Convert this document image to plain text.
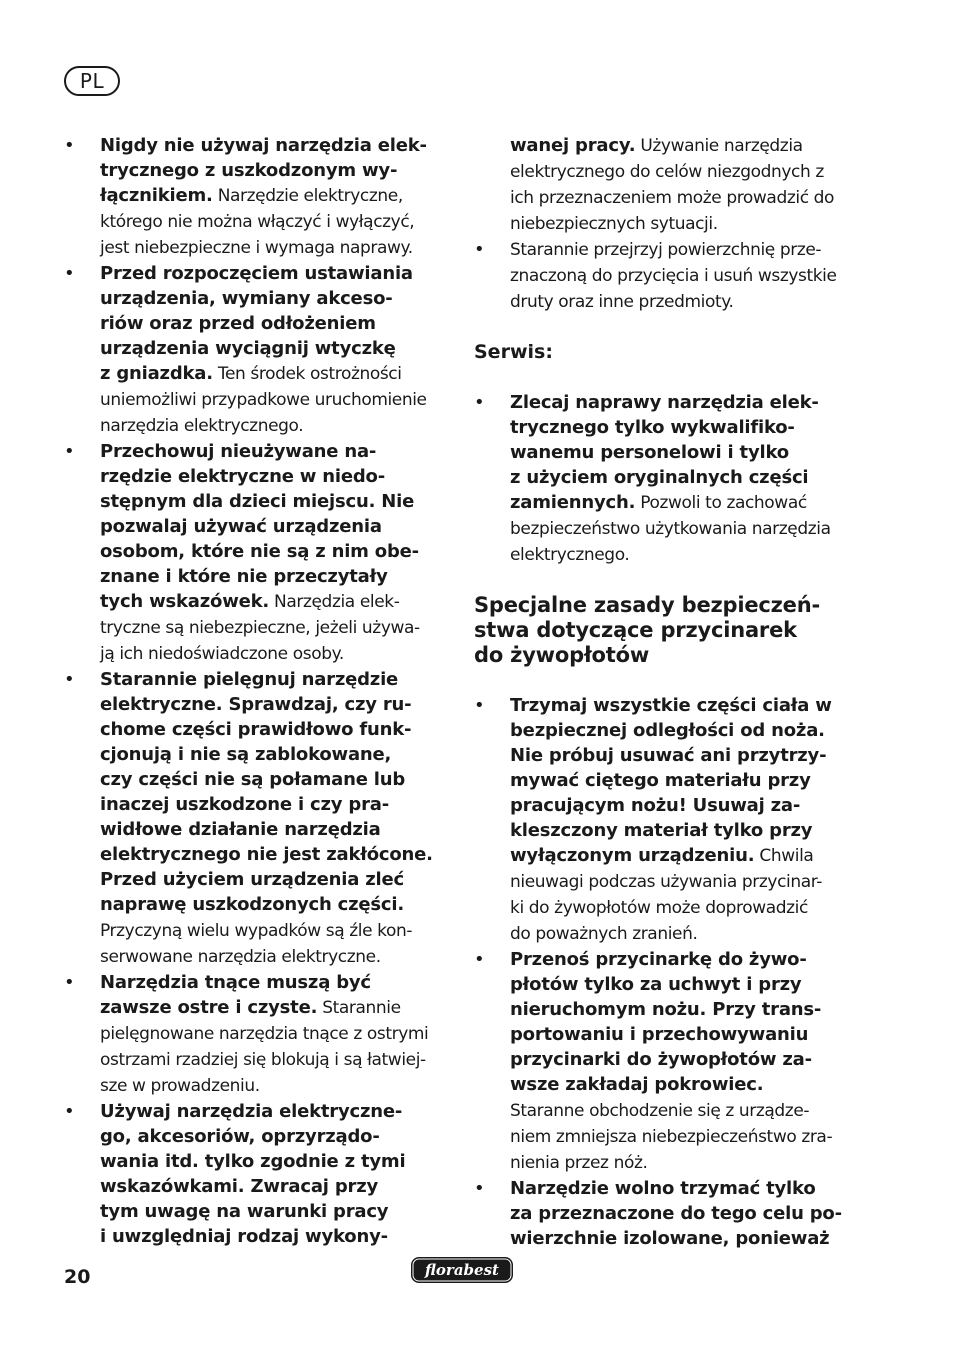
PL
• Nigdy nie używaj narzędzia elek-
trycznego z uszkodzonym wy-
łącznikiem. Narzędzie elektryczne,
którego nie można włączyć i wyłączyć,
jest niebezpieczne i wymaga naprawy.
• Przed rozpoczęciem ustawiania
urządzenia, wymiany akceso-
riów oraz przed odłożeniem
urządzenia wyciągnij wtyczkę
z gniazdka. Ten środek ostrożności
uniemożliwi przypadkowe uruchomienie
narzędzia elektrycznego.
• Przechowuj nieużywane na-
rzędzie elektryczne w niedo-
stępnym dla dzieci miejscu. Nie
pozwalaj używać urządzenia
osobom, które nie są z nim obe-
znane i które nie przeczytały
tych wskazówek. Narzędzia elek-
tryczne są niebezpieczne, jeżeli używa-
ją ich niedoświadczone osoby.
• Starannie pielęgnuj narzędzie
elektryczne. Sprawdzaj, czy ru-
chome części prawidłowo funk-
cjonują i nie są zablokowane,
czy części nie są połamane lub
inaczej uszkodzone i czy pra-
widłowe działanie narzędzia
elektrycznego nie jest zakłócone.
Przed użyciem urządzenia zleć
naprawę uszkodzonych części.
Przyczyną wielu wypadków są źle kon-
serwowane narzędzia elektryczne.
• Narzędzia tnące muszą być
zawsze ostre i czyste. Starannie
pielęgnowane narzędzia tnące z ostrymi
ostrzami rzadziej się blokują i są łatwiej-
sze w prowadzeniu.
• Używaj narzędzia elektryczne-
go, akcesoriów, oprzyrządo-
wania itd. tylko zgodnie z tymi
wskazówkami. Zwracaj przy
tym uwagę na warunki pracy
i uwzględniaj rodzaj wykony-

wanej pracy. Używanie narzędzia
elektrycznego do celów niezgodnych z
ich przeznaczeniem może prowadzić do
niebezpiecznych sytuacji.

• Starannie przejrzyj powierzchnię prze-
znaczoną do przycięcia i usuń wszystkie
druty oraz inne przedmioty.

Serwis:

• Zlecaj naprawy narzędzia elek-
trycznego tylko wykwalifiko-
wanemu personelowi i tylko
z użyciem oryginalnych części
zamiennych. Pozwoli to zachować
bezpieczeństwo użytkowania narzędzia
elektrycznego.

Specjalne zasady bezpieczeń-
stwa dotyczące przycinarek
do żywopłotów

• Trzymaj wszystkie części ciała w
bezpiecznej odległości od noża.
Nie próbuj usuwać ani przytrzy-
mywać ciętego materiału przy
pracującym nożu! Usuwaj za-
kleszczony materiał tylko przy
wyłączonym urządzeniu. Chwila
nieuwagi podczas używania przycinar-
ki do żywopłotów może doprowadzić
do poważnych zranień.
• Przenoś przycinarkę do żywo-
płotów tylko za uchwyt i przy
nieruchomym nożu. Przy trans-
portowaniu i przechowywaniu
przycinarki do żywopłotów za-
wsze zakładaj pokrowiec.
Staranne obchodzenie się z urządze-
niem zmniejsza niebezpieczeństwo zra-
nienia przez nóż.
• Narzędzie wolno trzymać tylko
za przeznaczone do tego celu po-
wierzchnie izolowane, ponieważ
20	florabest
